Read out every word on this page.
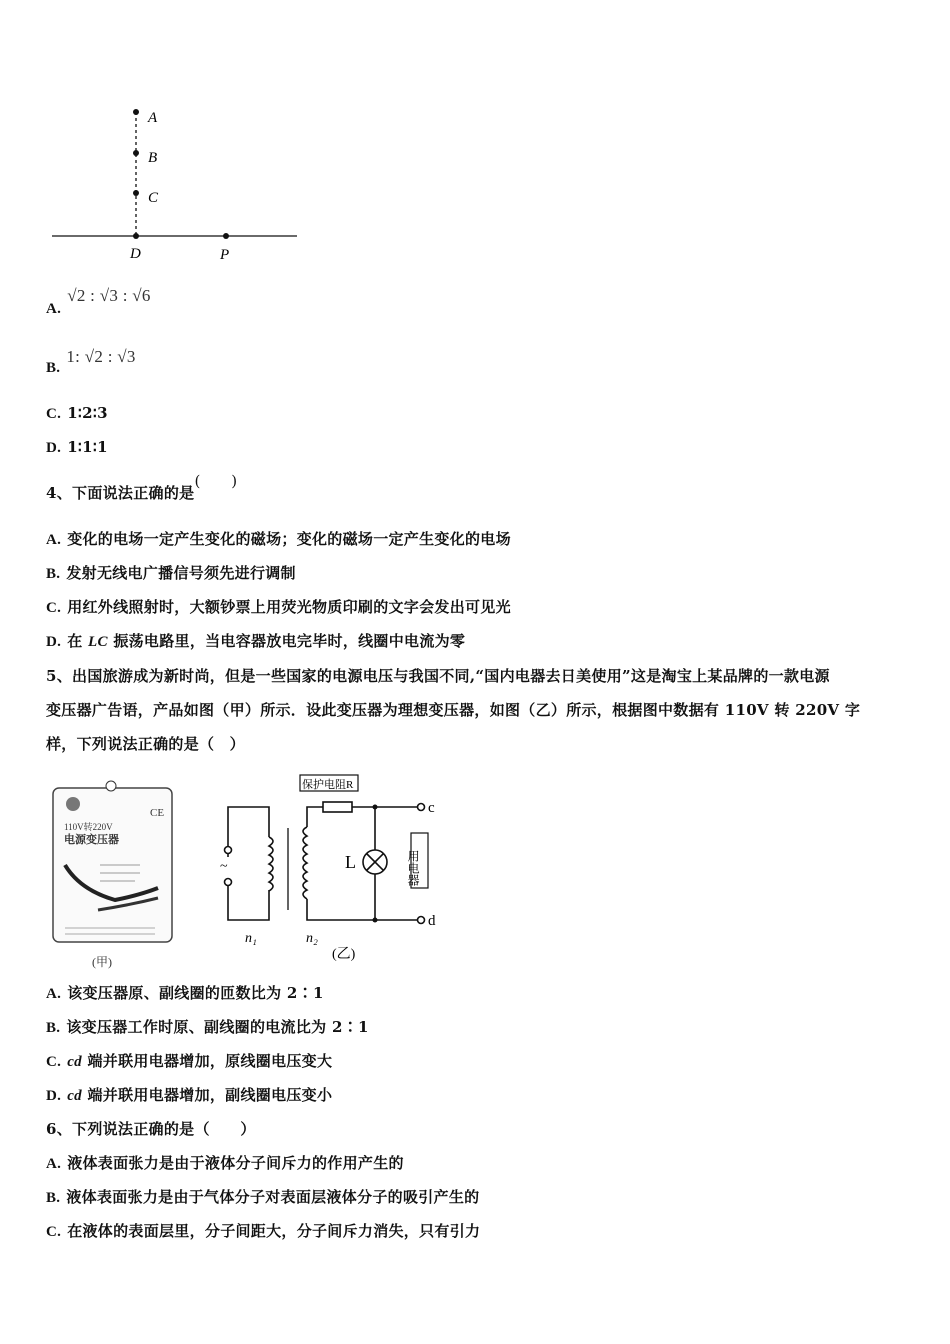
A
B
C
D	P
A.√2 : √3 : √6
B.1: √2 : √3
C. 1∶2∶3
D. 1∶1∶1
4、下面说法正确的是(　　)
A. 变化的电场一定产生变化的磁场；变化的磁场一定产生变化的电场
B. 发射无线电广播信号须先进行调制
C. 用红外线照射时，大额钞票上用荧光物质印刷的文字会发出可见光
D. 在 LC 振荡电路里，当电容器放电完毕时，线圈中电流为零
5、出国旅游成为新时尚，但是一些国家的电源电压与我国不同,“国内电器去日美使用”这是淘宝上某品牌的一款电源
变压器广告语，产品如图（甲）所示．设此变压器为理想变压器，如图（乙）所示，根据图中数据有 110V 转 220V 字
样，下列说法正确的是（　）
CE
110V转220V
电源变压器
(甲)
保护电阻R
L	用电器
c
d
~
n₁	n₂
(乙)
A. 该变压器原、副线圈的匝数比为 2∶1
B. 该变压器工作时原、副线圈的电流比为 2∶1
C. cd 端并联用电器增加，原线圈电压变大
D. cd 端并联用电器增加，副线圈电压变小
6、下列说法正确的是（　　）
A. 液体表面张力是由于液体分子间斥力的作用产生的
B. 液体表面张力是由于气体分子对表面层液体分子的吸引产生的
C. 在液体的表面层里，分子间距大，分子间斥力消失，只有引力
